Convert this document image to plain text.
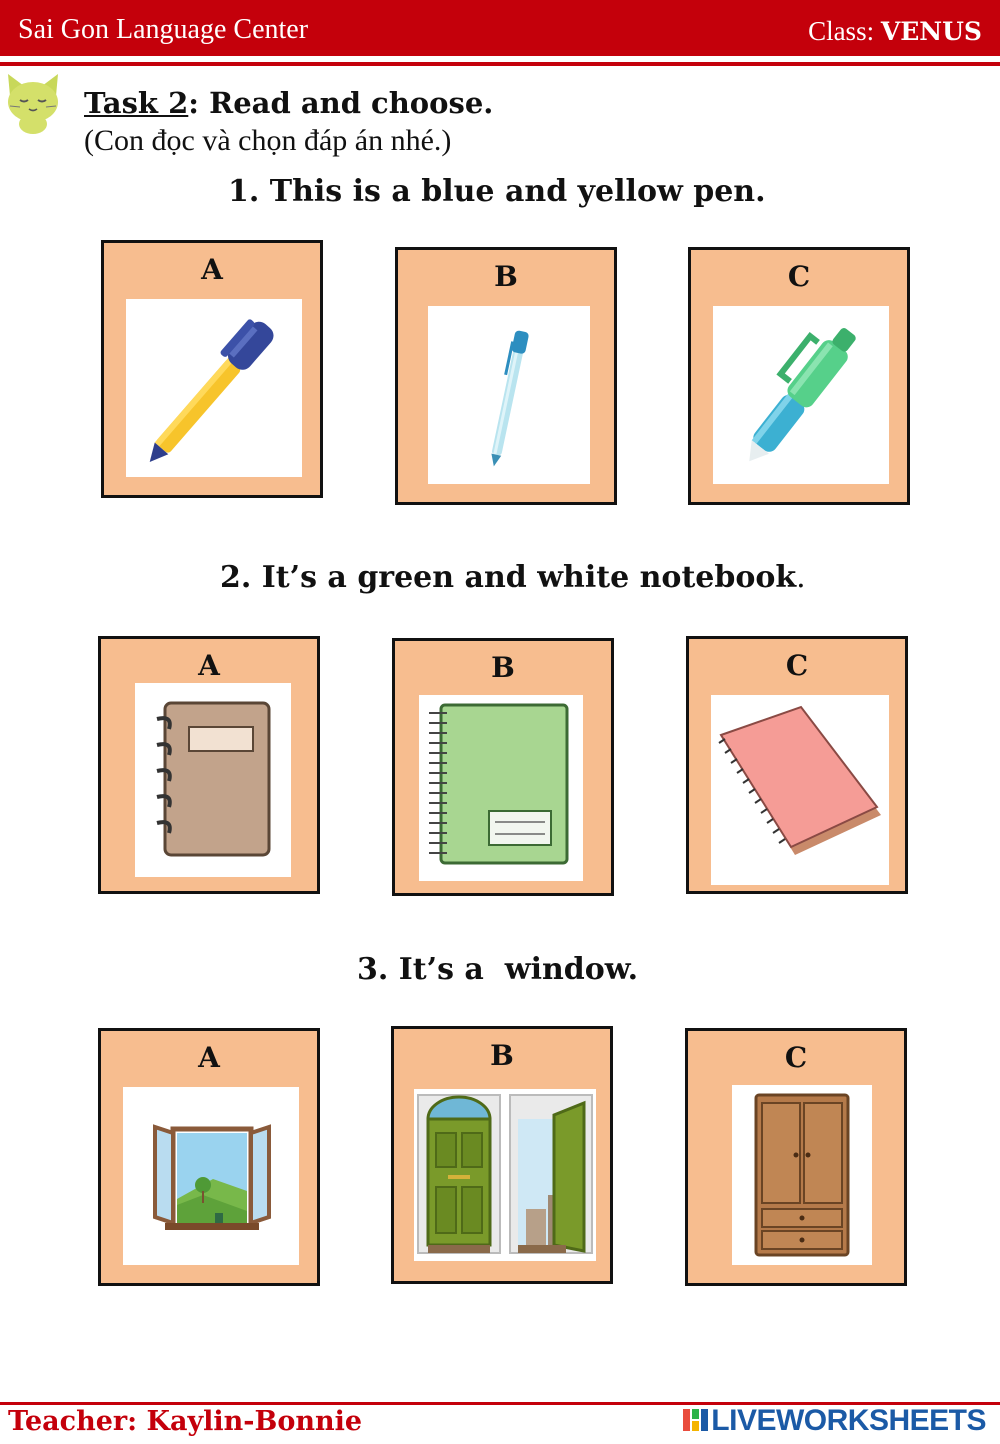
Sai Gon Language Center	Class: VENUS
Task 2: Read and choose.
(Con đọc và chọn đáp án nhé.)
1. This is a blue and yellow pen.
A	B	C
2. It’s a green and white notebook.
A	B	C
3. It’s a  window.
A	B	C
Teacher: Kaylin-Bonnie	LIVEWORKSHEETS
